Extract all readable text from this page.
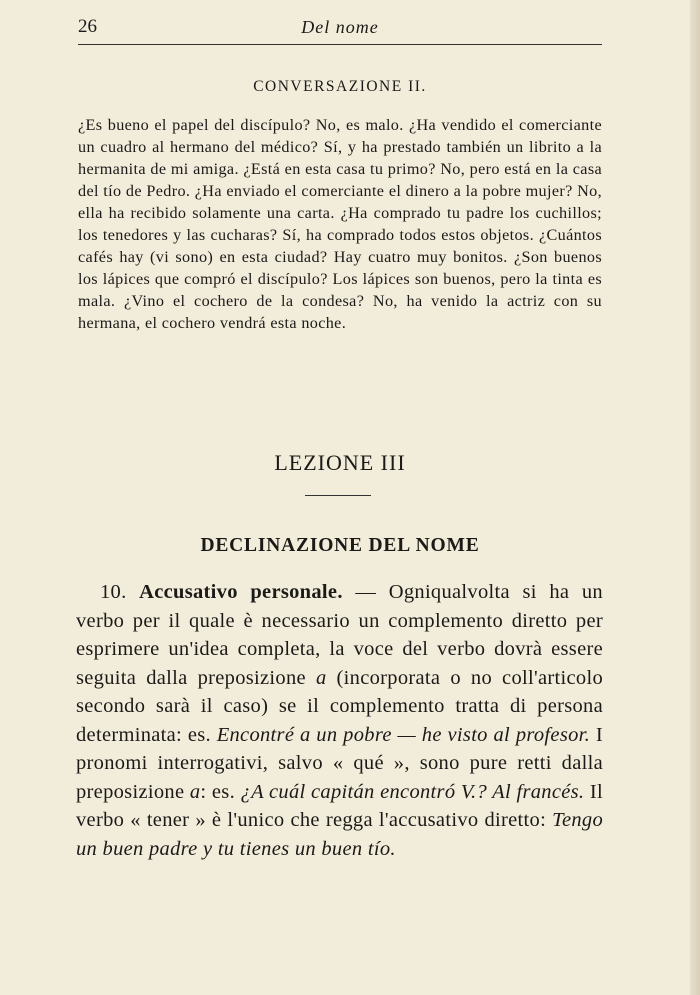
26	Del nome
CONVERSAZIONE II.

¿Es bueno el papel del discípulo? No, es malo. ¿Ha vendido el comerciante un cuadro al hermano del médico? Sí, y ha prestado también un librito a la hermanita de mi amiga. ¿Está en esta casa tu primo? No, pero está en la casa del tío de Pedro. ¿Ha enviado el comerciante el dinero a la pobre mujer? No, ella ha recibido solamente una carta. ¿Ha comprado tu padre los cuchillos; los tenedores y las cucharas? Sí, ha comprado todos estos objetos. ¿Cuántos cafés hay (vi sono) en esta ciudad? Hay cuatro muy bonitos. ¿Son buenos los lápices que compró el discípulo? Los lápices son buenos, pero la tinta es mala. ¿Vino el cochero de la condesa? No, ha venido la actriz con su hermana, el cochero vendrá esta noche.

LEZIONE III
DECLINAZIONE DEL NOME

10. Accusativo personale. — Ogniqualvolta si ha un verbo per il quale è necessario un complemento diretto per esprimere un'idea completa, la voce del verbo dovrà essere seguita dalla preposizione a (incorporata o no coll'articolo secondo sarà il caso) se il complemento tratta di persona determinata: es. Encontré a un pobre — he visto al profesor. I pronomi interrogativi, salvo « qué », sono pure retti dalla preposizione a: es. ¿A cuál capitán encontró V.? Al francés. Il verbo « tener » è l'unico che regga l'accusativo diretto: Tengo un buen padre y tu tienes un buen tío.
